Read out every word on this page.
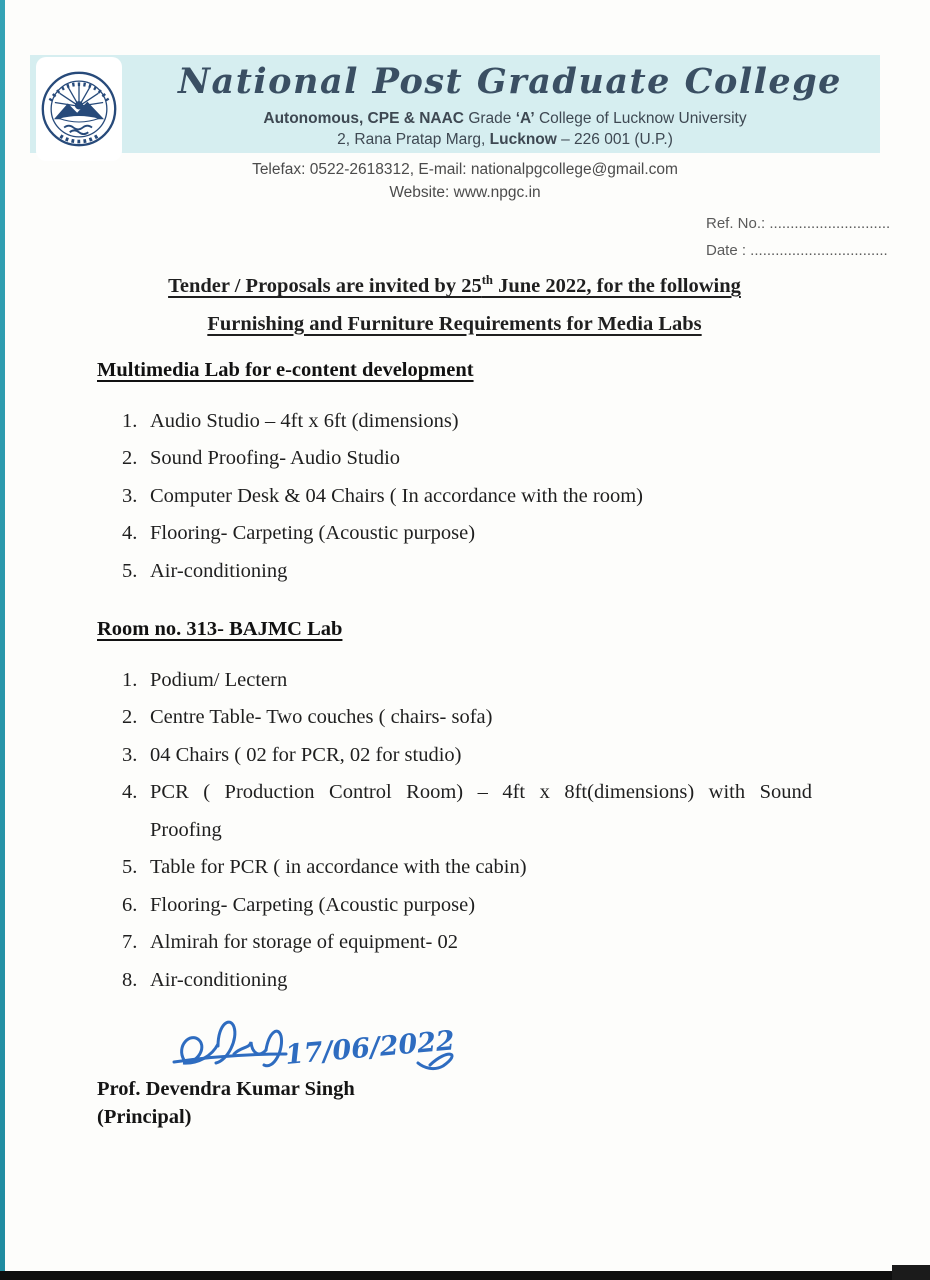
National Post Graduate College
Autonomous, CPE & NAAC Grade ‘A’ College of Lucknow University
2, Rana Pratap Marg, Lucknow – 226 001 (U.P.)
Telefax: 0522-2618312, E-mail: nationalpgcollege@gmail.com
Website: www.npgc.in
Ref. No.: .............................
Date : .................................
Tender / Proposals are invited by 25th June 2022, for the following
Furnishing and Furniture Requirements for Media Labs
Multimedia Lab for e-content development
1. Audio Studio – 4ft x 6ft (dimensions)
2. Sound Proofing- Audio Studio
3. Computer Desk & 04 Chairs ( In accordance with the room)
4. Flooring- Carpeting (Acoustic purpose)
5. Air-conditioning
Room no. 313- BAJMC Lab
1. Podium/ Lectern
2. Centre Table- Two couches ( chairs- sofa)
3. 04 Chairs ( 02 for PCR, 02 for studio)
4. PCR ( Production Control Room) – 4ft x 8ft(dimensions) with Sound
Proofing
5. Table for PCR ( in accordance with the cabin)
6. Flooring- Carpeting (Acoustic purpose)
7. Almirah for storage of equipment- 02
8. Air-conditioning
Prof. Devendra Kumar Singh
(Principal)
17/06/2022
